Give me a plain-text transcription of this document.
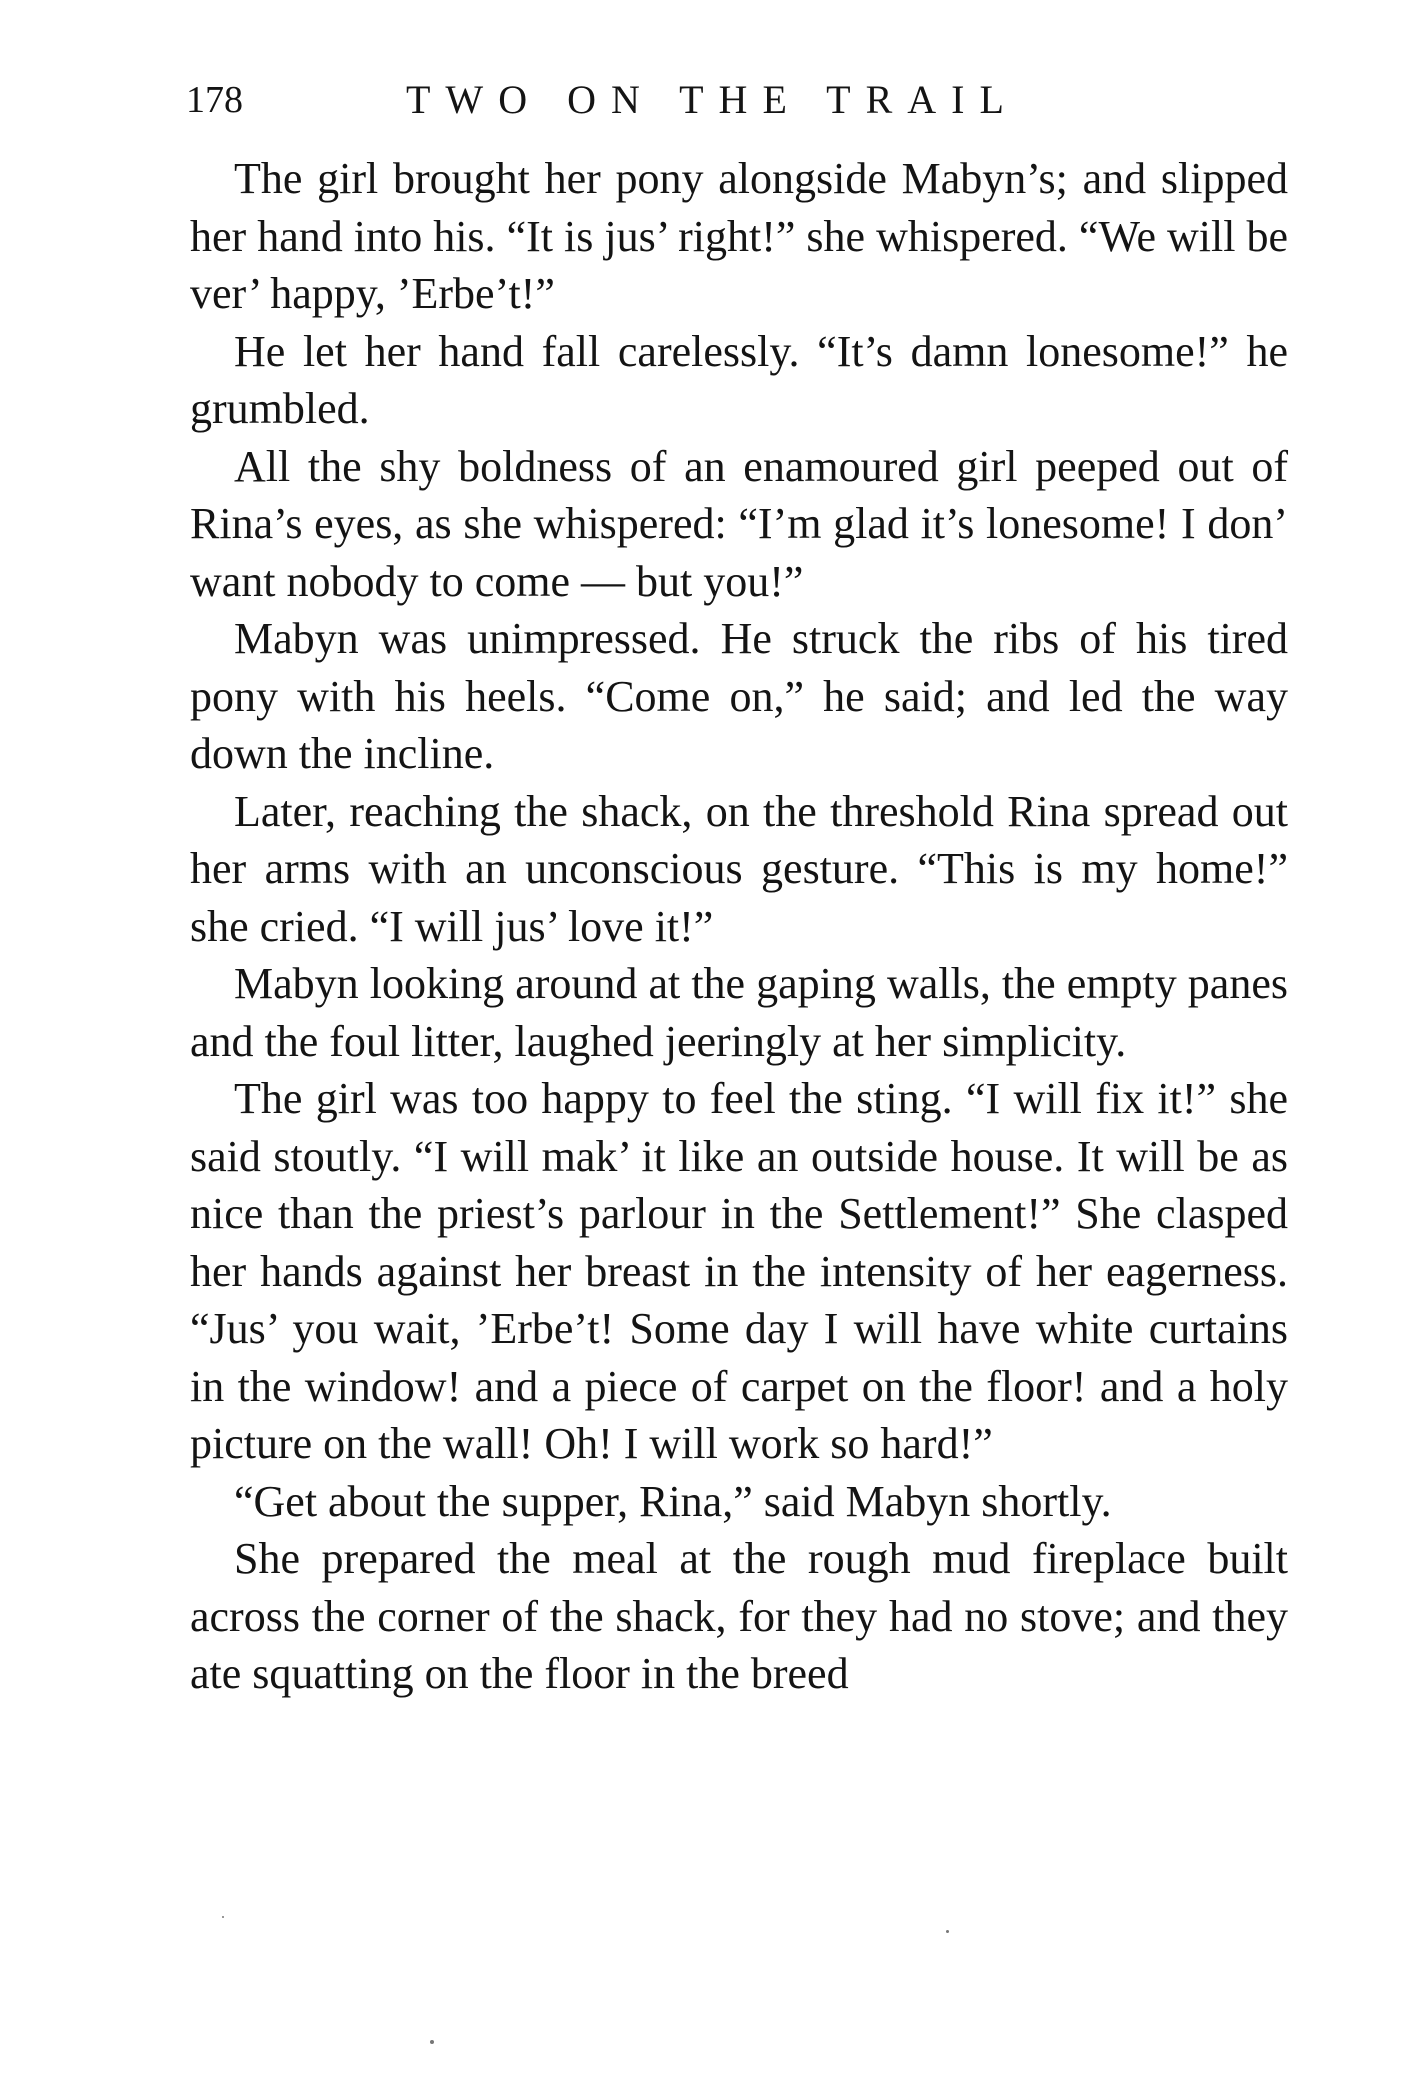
178	TWO ON THE TRAIL

The girl brought her pony alongside Mabyn’s; and slipped her hand into his. “It is jus’ right!” she whispered. “We will be ver’ happy, ’Erbe’t!”

He let her hand fall carelessly. “It’s damn lonesome!” he grumbled.

All the shy boldness of an enamoured girl peeped out of Rina’s eyes, as she whispered: “I’m glad it’s lonesome! I don’ want nobody to come — but you!”

Mabyn was unimpressed. He struck the ribs of his tired pony with his heels. “Come on,” he said; and led the way down the incline.

Later, reaching the shack, on the threshold Rina spread out her arms with an unconscious gesture. “This is my home!” she cried. “I will jus’ love it!”

Mabyn looking around at the gaping walls, the empty panes and the foul litter, laughed jeeringly at her simplicity.

The girl was too happy to feel the sting. “I will fix it!” she said stoutly. “I will mak’ it like an outside house. It will be as nice than the priest’s parlour in the Settlement!” She clasped her hands against her breast in the intensity of her eagerness. “Jus’ you wait, ’Erbe’t! Some day I will have white curtains in the window! and a piece of carpet on the floor! and a holy picture on the wall! Oh! I will work so hard!”

“Get about the supper, Rina,” said Mabyn shortly.

She prepared the meal at the rough mud fireplace built across the corner of the shack, for they had no stove; and they ate squatting on the floor in the breed
